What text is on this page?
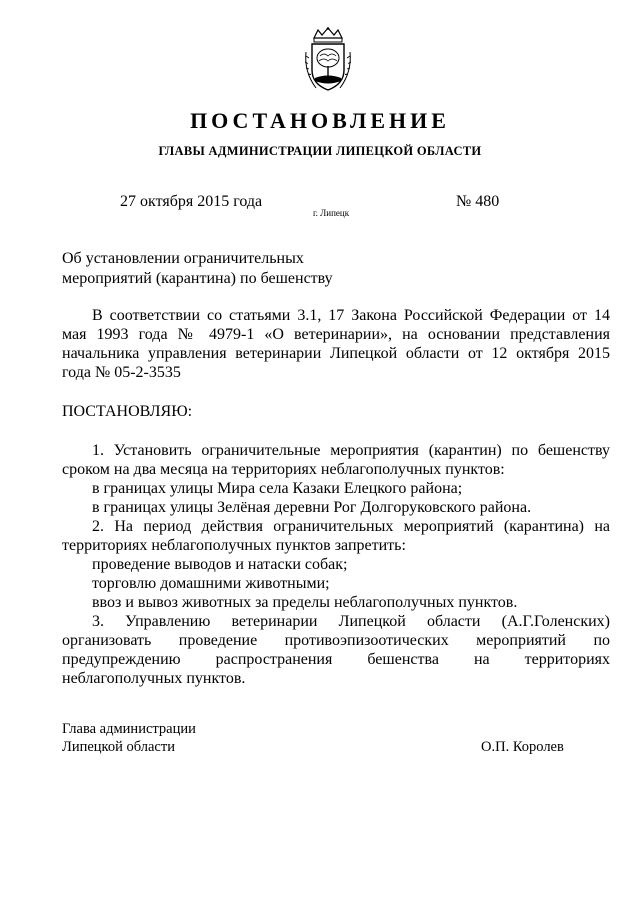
ПОСТАНОВЛЕНИЕ
ГЛАВЫ АДМИНИСТРАЦИИ ЛИПЕЦКОЙ ОБЛАСТИ
27 октября 2015 года
г. Липецк
№ 480
Об установлении ограничительных
мероприятий (карантина) по бешенству
В соответствии со статьями 3.1, 17 Закона Российской Федерации от 14
мая 1993 года № 4979-1 «О ветеринарии», на основании представления
начальника управления ветеринарии Липецкой области от 12 октября 2015
года № 05-2-3535
ПОСТАНОВЛЯЮ:
1. Установить ограничительные мероприятия (карантин) по бешенству
сроком на два месяца на территориях неблагополучных пунктов:
в границах улицы Мира села Казаки Елецкого района;
в границах улицы Зелёная деревни Рог Долгоруковского района.
2. На период действия ограничительных мероприятий (карантина) на
территориях неблагополучных пунктов запретить:
проведение выводов и натаски собак;
торговлю домашними животными;
ввоз и вывоз животных за пределы неблагополучных пунктов.
3. Управлению ветеринарии Липецкой области (А.Г.Голенских)
организовать проведение противоэпизоотических мероприятий по
предупреждению распространения бешенства на территориях
неблагополучных пунктов.
Глава администрации
Липецкой области	О.П. Королев
